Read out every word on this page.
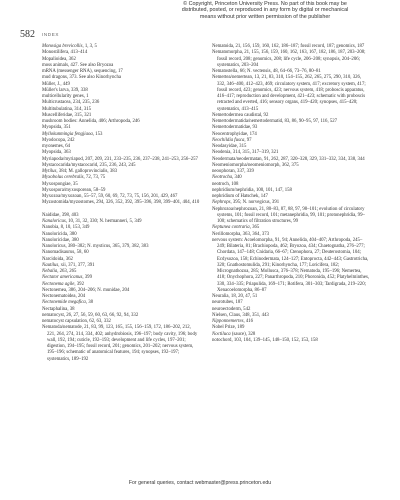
© Copyright, Princeton University Press. No part of this book may be
distributed, posted, or reproduced in any form by digital or mechanical
means without prior written permission of the publisher
582 INDEX
Monosiga brevicollis, 1, 3, 5
Monostilifera, 413–414
Mopalioidea, 362
moss animals, 427. See also Bryozoa
mRNA (messenger RNA), sequencing, 17
mud dragons, 373. See also Kinorhyncha
Müller, J., 449
Müller's larva, 339, 338
multicellularity genes, 1
Multicrustacea, 234, 235, 236
Multitubulatina, 314, 315
Muscelliferidae, 315, 321
mushroom bodies: Annelida, 406; Arthropoda, 246
Myopsida, 351
Myllokunmingia fengjiaoa, 153
Myodocopa, 242
myonemes, 64
Myopsida, 363
Myriapoda/myriapod, 207, 209, 231, 233–235, 236, 237–238, 241–253, 256–257
Mystacocarida/mystacocarid, 235, 236, 243, 245
Mytilus, 384; M. galloprovincialis, 383
Myxobolus cerebralis, 72, 73, 75
Myxospongiae, 35
Myxospora/myxosporean, 58–59
Myxozoa/myxozoan, 55–57, 59, 60, 69, 72, 73, 75, 156, 201, 429, 467
Myzostomida/myzostomes, 294, 326, 352, 392, 395–396, 398, 399–401, 404, 410
Naididae, 398, 403
Nanaloricus, 10, 31, 32, 330; N. hermanneri, 5, 349
Nanobia, 8, 10, 153, 349
Nanoloricida, 380
Nanoloricidae, 380
Nanoloricus, 380–382; N. mysticus, 365, 379, 382, 383
Nanomadisaurus, 58, 60
Narcidoida, 362
Nautilus, xii, 371, 377, 391
Nebalia, 263, 265
Nectator americanus, 399
Nectonema agile, 392
Nectonemea, 386, 204–206; N. munidae, 204
Nectonematoidea, 204
Nectonemide megafica, 38
Nectaphalina, 38
nematocyst, 26, 27, 56, 59, 60, 63, 66, 92, 94, 332
nematocyst capsulation, 62, 63, 332
Nematoda/nematode, 21, 83, 99, 123, 165, 155, 156–159, 172, 186–202, 212, 221, 264, 274, 314, 334, 402; anhydrobiosis, 196–197; body cavity, 196; body wall, 192, 194; cuticle, 192–193; development and life cycles, 197–201; digestion, 194–195; fossil record, 201; genomics, 201–202; nervous system, 195–196; schematic of anatomical features, 194; synopses, 192–197; systematics, 189–192
Nematoida, 21, 156, 159, 160, 162, 186–187; fossil record, 187; genomics, 187
Nematomorpha, 21, 155, 156, 159, 160, 162, 163, 167, 182, 186, 187, 203–208; fossil record, 208; genomics, 208; life cycle, 206–208; synopsis, 204–206; systematics, 203–204
Nematostella, 66; N. vectensis, 48, 64–66, 73–76, 80–81
Nemertea/nemertean, 13, 21, 83, 310, 154–155, 262, 265, 275, 290, 310, 326, 332, 346–400, 412–423, 469; circulatory system, 417; excretory system, 417; fossil record, 423; genomics, 423; nervous system, 418; proboscis apparatus, 416–417; reproduction and development, 421–423; schematic with proboscis retracted and everted, 416; sensory organs, 419–420; synopses, 415–420; systematics, 413–415
Nemertodermea caudistal, 92
Nemertodermatida/nemertodermatid, 83, 86, 90–95, 97, 116, 527
Nemertodermatidae, 93
Neocentrophyidae, 174
Neochildia fusca, 97
Neodasyidae, 315
Neodenia, 314, 315, 317–319, 321
Neodermata/neodermatan, 91, 262, 287, 320–328, 329, 331–332, 334, 338, 344
Neomeniomorpha/neomeniomorph, 362, 375
neoophoran, 337, 339
Neotrocha, 340
neotroch, 108
nephridium/nephridia, 100, 101, 147, 158
nephridium of Hatschek, 147
Nephrops, 395; N. norvegicus, 391
Nephrozoa/nephrozoan, 21, 80–83, 87, 88, 97, 98–101; evolution of circulatory systems, 101; fossil record, 101; metanephridia, 99, 101; protonephridia, 99–100; schematics of filtration structures, 99
Neptunea contraria, 365
Nerillomorpha, 363, 364, 373
nervous system: Acoelomorpha, 91, 94; Annelida, 404–407; Arthropoda, 245–249; Bilateria, 81; Brachiopoda, 462; Bryozoa, 434; Chaetognatha, 276–277; Chordata, 147–148; Cnidaria, 66–67; Ctenophora, 27; Deuterostomia, 104; Ecdysozoa, 158; Echinodermata, 124–127; Entoprocta, 442–443; Gastrotricha, 320; Gnathostomulida, 291; Kinorhyncha, 177; Loricifera, 182; Micrognathozoa, 285; Mollusca, 376–378; Nematoda, 195–196; Nemertea, 418; Onychophora, 227; Panarthropoda, 210; Phoronida, 452; Platyhelminthes, 330, 334–335; Priapulida, 169–171; Rotifera, 301–303; Tardigrada, 219–220; Xenacoelomorpha, 86–87
Neuralia, 18, 20, 47, 51
neurotubes, 187
neuroectoderm, 542
Nielsen, Claus, 348, 351, 443
Nipponnemertes, 416
Nobel Prize, 189
Noctiluca (sauce), 328
notochord, 103, 104, 139–145, 148–150, 152, 153, 158
For general queries, contact webmaster@press.princeton.edu
